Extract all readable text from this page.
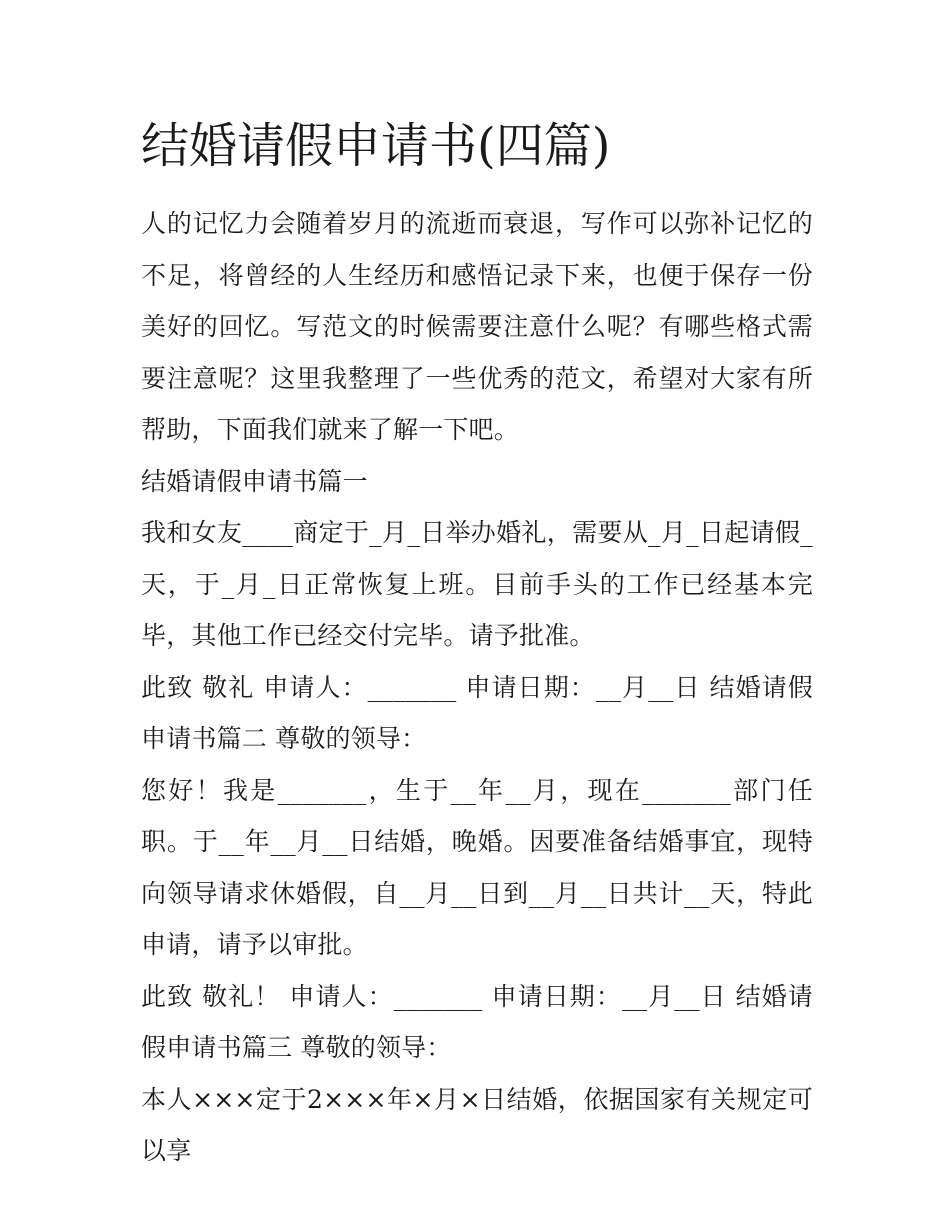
结婚请假申请书(四篇)

人的记忆力会随着岁月的流逝而衰退，写作可以弥补记忆的不足，将曾经的人生经历和感悟记录下来，也便于保存一份美好的回忆。写范文的时候需要注意什么呢？有哪些格式需要注意呢？这里我整理了一些优秀的范文，希望对大家有所帮助，下面我们就来了解一下吧。

结婚请假申请书篇一

我和女友____商定于_月_日举办婚礼，需要从_月_日起请假_天，于_月_日正常恢复上班。目前手头的工作已经基本完毕，其他工作已经交付完毕。请予批准。

此致 敬礼 申请人：_______ 申请日期：__月__日 结婚请假申请书篇二 尊敬的领导：

您好！我是_______，生于__年__月，现在_______部门任职。于__年__月__日结婚，晚婚。因要准备结婚事宜，现特向领导请求休婚假，自__月__日到__月__日共计__天，特此申请，请予以审批。

此致 敬礼！ 申请人：_______ 申请日期：__月__日 结婚请假申请书篇三 尊敬的领导：

本人×××定于2×××年×月×日结婚，依据国家有关规定可以享
